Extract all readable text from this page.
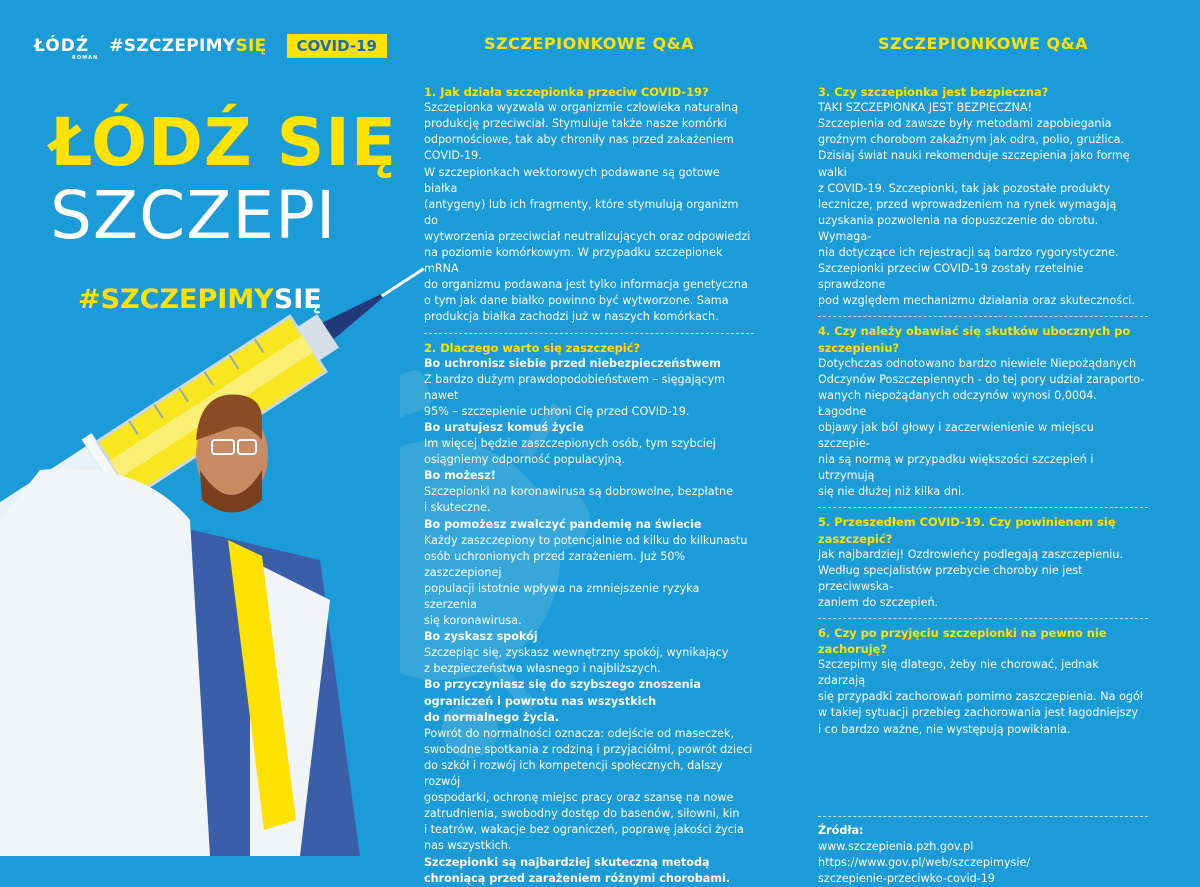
ŁÓDŹ
ROMAN
#SZCZEPIMYSIĘ	COVID-19
ŁÓDŹ SIĘ
SZCZEPI
#SZCZEPIMYSIĘ
SZCZEPIONKOWE Q&A
1. Jak działa szczepionka przeciw COVID-19?
Szczepionka wyzwala w organizmie człowieka naturalną
produkcję przeciwciał. Stymuluje także nasze komórki
odpornościowe, tak aby chroniły nas przed zakażeniem
COVID-19.
W szczepionkach wektorowych podawane są gotowe białka
(antygeny) lub ich fragmenty, które stymulują organizm do
wytworzenia przeciwciał neutralizujących oraz odpowiedzi
na poziomie komórkowym. W przypadku szczepionek mRNA
do organizmu podawana jest tylko informacja genetyczna
o tym jak dane białko powinno być wytworzone. Sama
produkcja białka zachodzi już w naszych komórkach.
2. Dlaczego warto się zaszczepić?
Bo uchronisz siebie przed niebezpieczeństwem
Z bardzo dużym prawdopodobieństwem – sięgającym nawet
95% – szczepienie uchroni Cię przed COVID-19.
Bo uratujesz komuś życie
Im więcej będzie zaszczepionych osób, tym szybciej
osiągniemy odporność populacyjną.
Bo możesz!
Szczepionki na koronawirusa są dobrowolne, bezpłatne
i skuteczne.
Bo pomożesz zwalczyć pandemię na świecie
Każdy zaszczepiony to potencjalnie od kilku do kilkunastu
osób uchronionych przed zarażeniem. Już 50% zaszczepionej
populacji istotnie wpływa na zmniejszenie ryzyka szerzenia
się koronawirusa.
Bo zyskasz spokój
Szczepiąc się, zyskasz wewnętrzny spokój, wynikający
z bezpieczeństwa własnego i najbliższych.
Bo przyczyniasz się do szybszego znoszenia
ograniczeń i powrotu nas wszystkich
do normalnego życia.
Powrót do normalności oznacza: odejście od maseczek,
swobodne spotkania z rodziną i przyjaciółmi, powrót dzieci
do szkół i rozwój ich kompetencji społecznych, dalszy rozwój
gospodarki, ochronę miejsc pracy oraz szansę na nowe
zatrudnienia, swobodny dostęp do basenów, siłowni, kin
i teatrów, wakacje bez ograniczeń, poprawę jakości życia
nas wszystkich.
Szczepionki są najbardziej skuteczną metodą
chroniącą przed zarażeniem różnymi chorobami.
SZCZEPIONKOWE Q&A
3. Czy szczepionka jest bezpieczna?
TAKI SZCZEPIONKA JEST BEZPIECZNA!
Szczepienia od zawsze były metodami zapobiegania
groźnym chorobom zakaźnym jak odra, polio, grużlica.
Dzisiaj świat nauki rekomenduje szczepienia jako formę walki
z COVID-19. Szczepionki, tak jak pozostałe produkty
lecznicze, przed wprowadzeniem na rynek wymagają
uzyskania pozwolenia na dopuszczenie do obrotu. Wymaga-
nia dotyczące ich rejestracji są bardzo rygorystyczne.
Szczepionki przeciw COVID-19 zostały rzetelnie sprawdzone
pod względem mechanizmu działania oraz skuteczności.
4. Czy należy obawiać się skutków ubocznych po
szczepieniu?
Dotychczas odnotowano bardzo niewiele Niepożądanych
Odczynów Poszczepiennych - do tej pory udział zaraporto-
wanych niepożądanych odczynów wynosi 0,0004. Łagodne
objawy jak ból głowy i zaczerwienienie w miejscu szczepie-
nia są normą w przypadku większości szczepień i utrzymują
się nie dłużej niż kilka dni.
5. Przeszedłem COVID-19. Czy powinienem się
zaszczepić?
Jak najbardziej! Ozdrowieńcy podlegają zaszczepieniu.
Według specjalistów przebycie choroby nie jest przeciwwska-
zaniem do szczepień.
6. Czy po przyjęciu szczepionki na pewno nie
zachoruję?
Szczepimy się dlatego, żeby nie chorować, jednak zdarzają
się przypadki zachorowań pomimo zaszczepienia. Na ogół
w takiej sytuacji przebieg zachorowania jest łagodniejszy
i co bardzo ważne, nie występują powikłania.
Źródła:
www.szczepienia.pzh.gov.pl
https://www.gov.pl/web/szczepimysie/
szczepienie-przeciwko-covid-19
